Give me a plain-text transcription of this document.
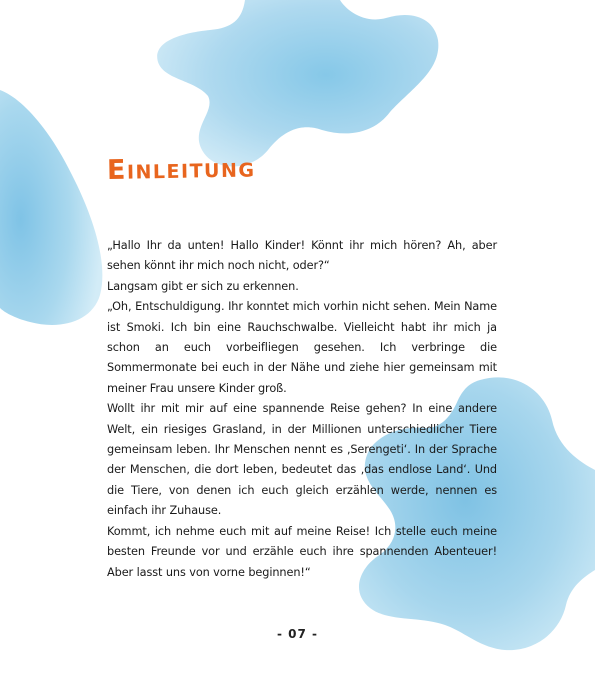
Einleitung

„Hallo Ihr da unten! Hallo Kinder! Könnt ihr mich hören? Ah, aber sehen könnt ihr mich noch nicht, oder?“

Langsam gibt er sich zu erkennen.

„Oh, Entschuldigung. Ihr konntet mich vorhin nicht sehen. Mein Name ist Smoki. Ich bin eine Rauchschwalbe. Vielleicht habt ihr mich ja schon an euch vorbeifliegen gesehen. Ich verbringe die Sommermonate bei euch in der Nähe und ziehe hier gemeinsam mit meiner Frau unsere Kinder groß.

Wollt ihr mit mir auf eine spannende Reise gehen? In eine andere Welt, ein riesiges Grasland, in der Millionen unterschiedlicher Tiere gemeinsam leben. Ihr Menschen nennt es ‚Serengeti‘. In der Sprache der Menschen, die dort leben, bedeutet das ‚das endlose Land‘. Und die Tiere, von denen ich euch gleich erzählen werde, nennen es einfach ihr Zuhause.

Kommt, ich nehme euch mit auf meine Reise! Ich stelle euch meine besten Freunde vor und erzähle euch ihre spannenden Abenteuer! Aber lasst uns von vorne beginnen!“

- 07 -
